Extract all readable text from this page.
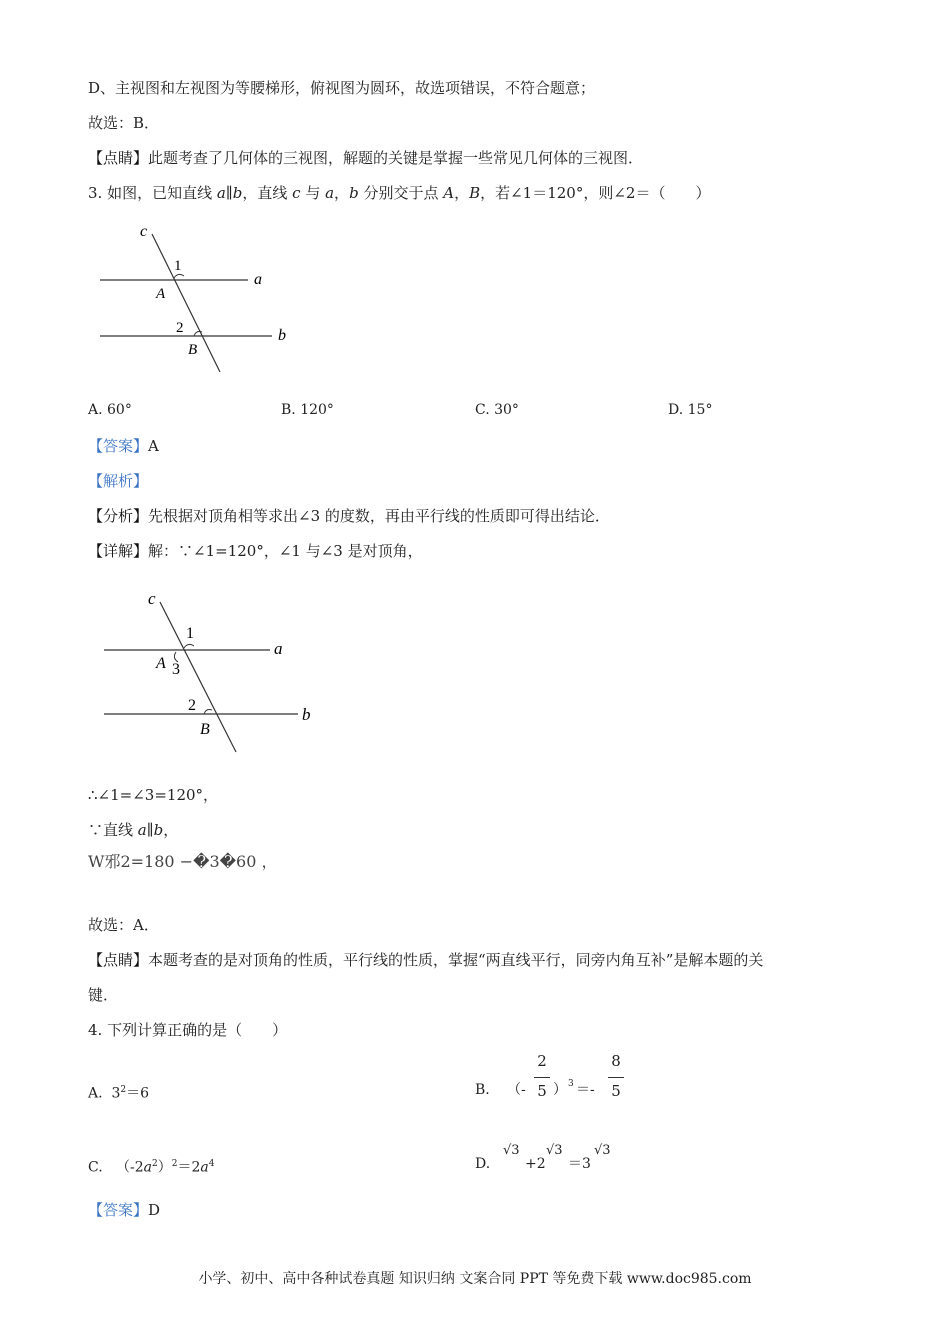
D、主视图和左视图为等腰梯形，俯视图为圆环，故选项错误，不符合题意；
故选：B．
【点睛】此题考查了几何体的三视图，解题的关键是掌握一些常见几何体的三视图．
3. 如图，已知直线 a∥b，直线 c 与 a，b 分别交于点 A，B，若∠1＝120°，则∠2＝（　　）
c
1
a
A
2	b
B
A. 60°	B. 120°	C. 30°	D. 15°
【答案】A
【解析】
【分析】先根据对顶角相等求出∠3 的度数，再由平行线的性质即可得出结论．
【详解】解：∵∠1=120°，∠1 与∠3 是对顶角，
c
1
a
A 3
2	b
B
∴∠1=∠3=120°，
∵直线 a∥b，
W邪2=180 −�3�60 ，
故选：A．
【点睛】本题考查的是对顶角的性质，平行线的性质，掌握“两直线平行，同旁内角互补”是解本题的关
键．
4. 下列计算正确的是（　　）
A. $3^2=6$	B. （-
2
5 ） 3 ＝-
8
5
C. $(-2a^2)^2=2a^4$	D.
√3
+2
√3
＝3
√3
【答案】D
小学、初中、高中各种试卷真题 知识归纳 文案合同 PPT 等免费下载 www.doc985.com
